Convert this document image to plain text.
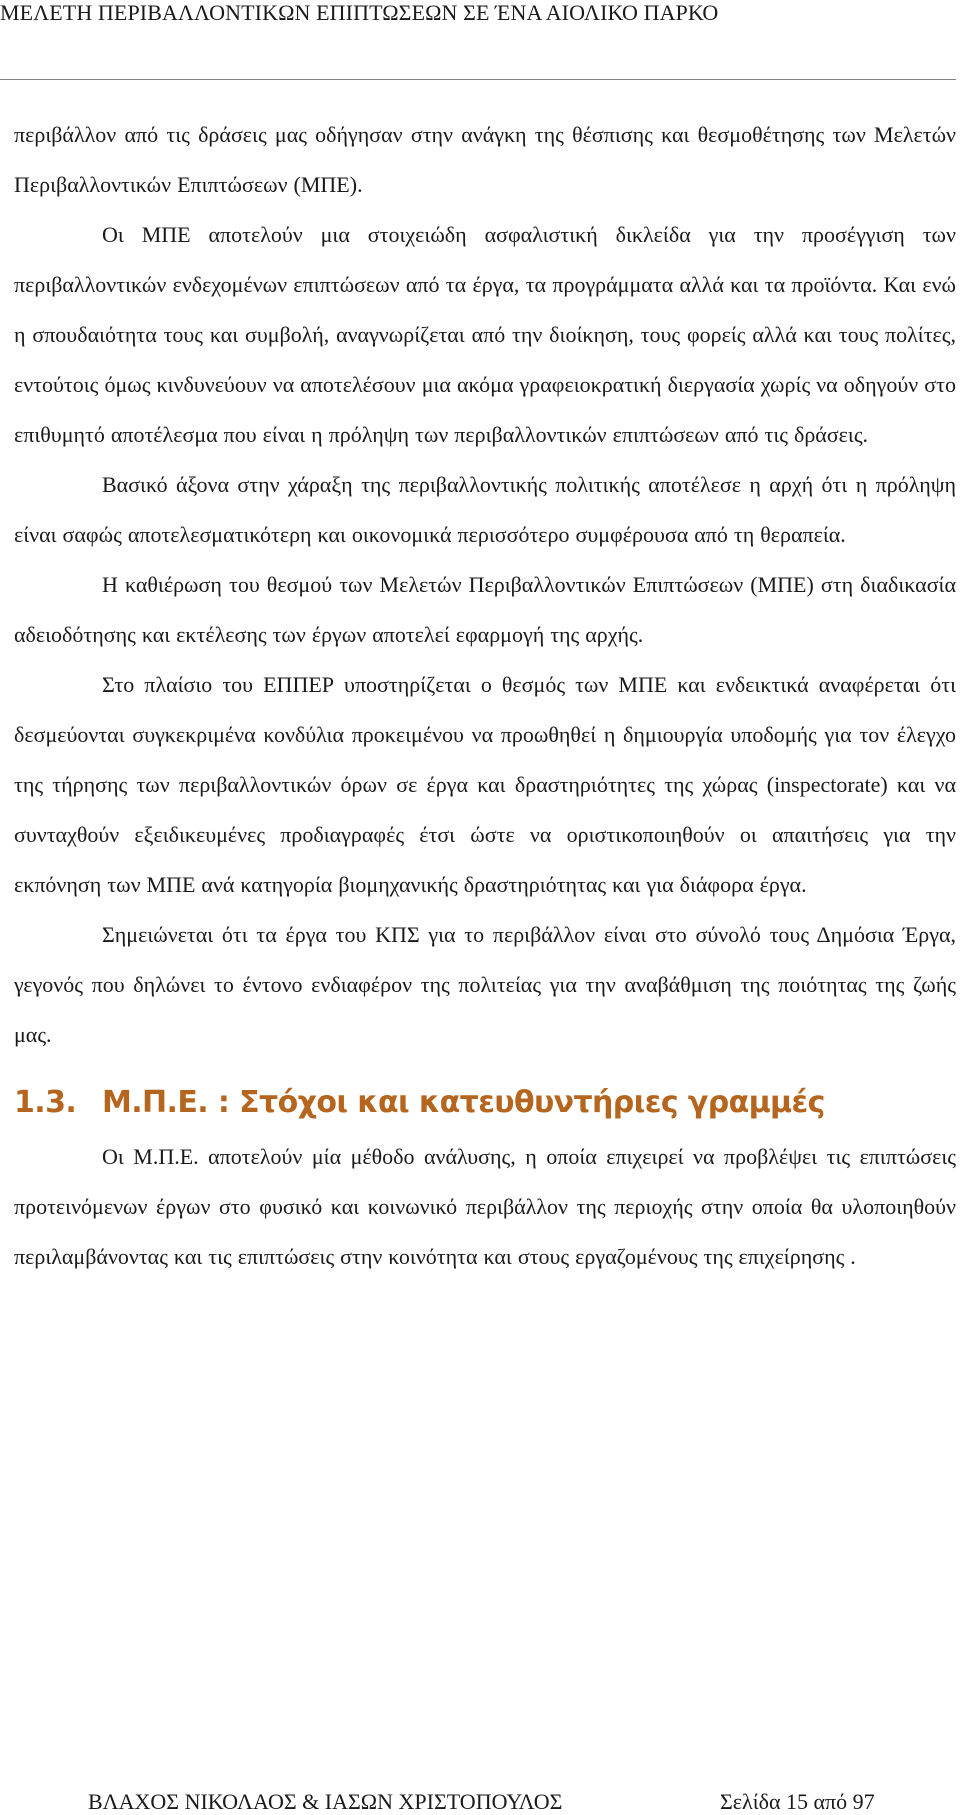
ΜΕΛΕΤΗ ΠΕΡΙΒΑΛΛΟΝΤΙΚΩΝ ΕΠΙΠΤΩΣΕΩΝ ΣΕ ΈΝΑ ΑΙΟΛΙΚΟ ΠΑΡΚΟ

περιβάλλον από τις δράσεις μας οδήγησαν στην ανάγκη της θέσπισης και θεσμοθέτησης των Μελετών Περιβαλλοντικών Επιπτώσεων (ΜΠΕ).

Οι ΜΠΕ αποτελούν μια στοιχειώδη ασφαλιστική δικλείδα για την προσέγγιση των περιβαλλοντικών ενδεχομένων επιπτώσεων από τα έργα, τα προγράμματα αλλά και τα προϊόντα. Και ενώ η σπουδαιότητα τους και συμβολή, αναγνωρίζεται από την διοίκηση, τους φορείς αλλά και τους πολίτες, εντούτοις όμως κινδυνεύουν να αποτελέσουν μια ακόμα γραφειοκρατική διεργασία χωρίς να οδηγούν στο επιθυμητό αποτέλεσμα που είναι η πρόληψη των περιβαλλοντικών επιπτώσεων από τις δράσεις.

Βασικό άξονα στην χάραξη της περιβαλλοντικής πολιτικής αποτέλεσε η αρχή ότι η πρόληψη είναι σαφώς αποτελεσματικότερη και οικονομικά περισσότερο συμφέρουσα από τη θεραπεία.

Η καθιέρωση του θεσμού των Μελετών Περιβαλλοντικών Επιπτώσεων (ΜΠΕ) στη διαδικασία αδειοδότησης και εκτέλεσης των έργων αποτελεί εφαρμογή της αρχής.

Στο πλαίσιο του ΕΠΠΕΡ υποστηρίζεται ο θεσμός των ΜΠΕ και ενδεικτικά αναφέρεται ότι δεσμεύονται συγκεκριμένα κονδύλια προκειμένου να προωθηθεί η δημιουργία υποδομής για τον έλεγχο της τήρησης των περιβαλλοντικών όρων σε έργα και δραστηριότητες της χώρας (inspectorate) και να συνταχθούν εξειδικευμένες προδιαγραφές έτσι ώστε να οριστικοποιηθούν οι απαιτήσεις για την εκπόνηση των ΜΠΕ ανά κατηγορία βιομηχανικής δραστηριότητας και για διάφορα έργα.

Σημειώνεται ότι τα έργα του ΚΠΣ για το περιβάλλον είναι στο σύνολό τους Δημόσια Έργα, γεγονός που δηλώνει το έντονο ενδιαφέρον της πολιτείας για την αναβάθμιση της ποιότητας της ζωής μας.

1.3. Μ.Π.Ε. : Στόχοι και κατευθυντήριες γραμμές

Οι Μ.Π.Ε. αποτελούν μία μέθοδο ανάλυσης, η οποία επιχειρεί να προβλέψει τις επιπτώσεις προτεινόμενων έργων στο φυσικό και κοινωνικό περιβάλλον της περιοχής στην οποία θα υλοποιηθούν περιλαμβάνοντας και τις επιπτώσεις στην κοινότητα και στους εργαζομένους της επιχείρησης .

ΒΛΑΧΟΣ ΝΙΚΟΛΑΟΣ & ΙΑΣΩΝ ΧΡΙΣΤΟΠΟΥΛΟΣ	Σελίδα 15 από 97
